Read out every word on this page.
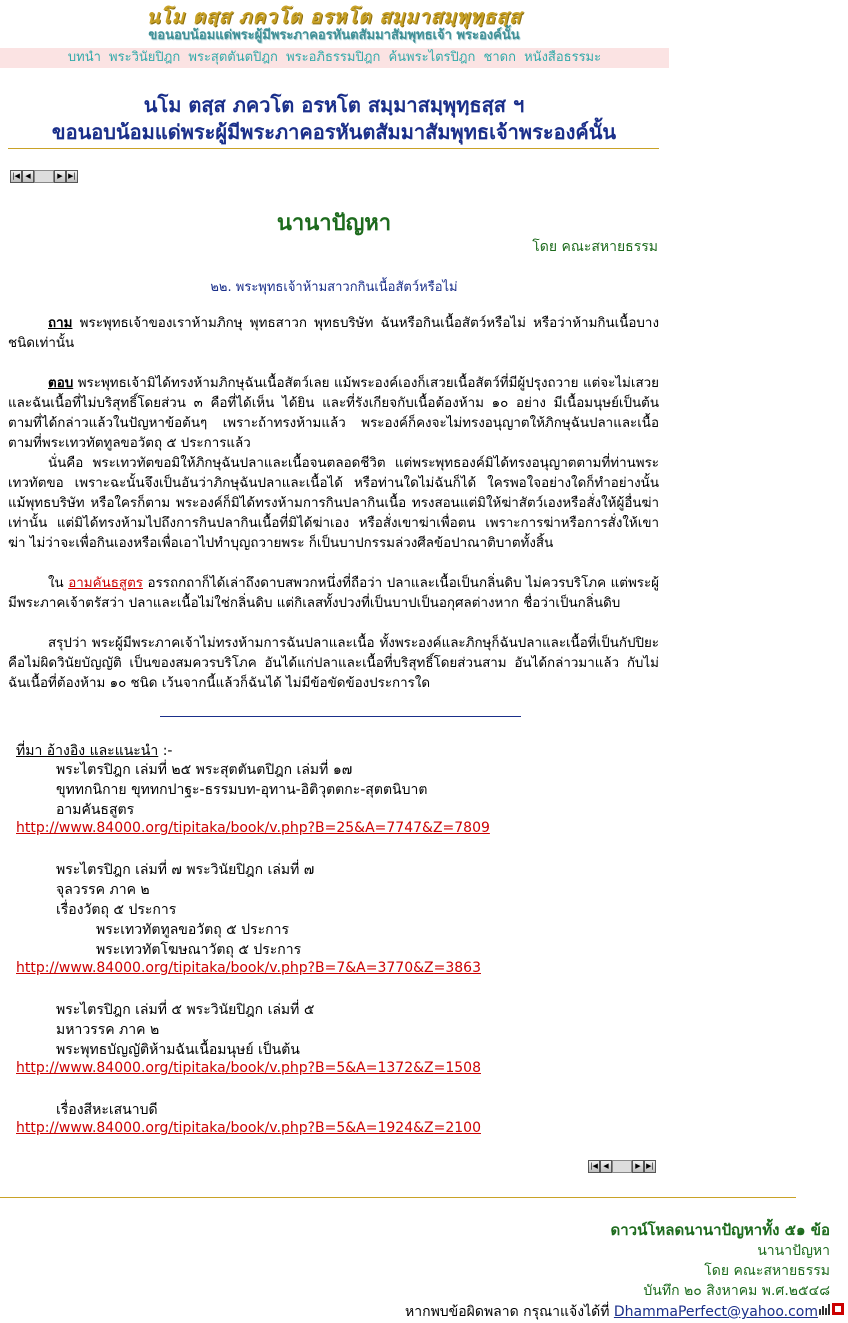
นโม ตสฺส ภควโต อรหโต สมฺมาสมฺพุทฺธสฺส
ขอนอบน้อมแด่พระผู้มีพระภาคอรหันตสัมมาสัมพุทธเจ้า พระองค์นั้น
บทนำ พระวินัยปิฎก พระสุตตันตปิฎก พระอภิธรรมปิฎก ค้นพระไตรปิฎก ชาดก หนังสือธรรมะ
นโม ตสฺส ภควโต อรหโต สมฺมาสมฺพุทฺธสฺส ฯ
ขอนอบน้อมแด่พระผู้มีพระภาคอรหันตสัมมาสัมพุทธเจ้าพระองค์นั้น
|◀ ◀	▶ ▶|
นานาปัญหา
โดย คณะสหายธรรม
๒๒. พระพุทธเจ้าห้ามสาวกกินเนื้อสัตว์หรือไม่
ถาม พระพุทธเจ้าของเราห้ามภิกษุ พุทธสาวก พุทธบริษัท ฉันหรือกินเนื้อสัตว์หรือไม่ หรือว่าห้ามกินเนื้อบางชนิดเท่านั้น
ตอบ พระพุทธเจ้ามิได้ทรงห้ามภิกษุฉันเนื้อสัตว์เลย แม้พระองค์เองก็เสวยเนื้อสัตว์ที่มีผู้ปรุงถวาย แต่จะไม่เสวยและฉันเนื้อที่ไม่บริสุทธิ์โดยส่วน ๓ คือที่ได้เห็น ได้ยิน และที่รังเกียจกับเนื้อต้องห้าม ๑๐ อย่าง มีเนื้อมนุษย์เป็นต้น ตามที่ได้กล่าวแล้วในปัญหาข้อต้นๆ เพราะถ้าทรงห้ามแล้ว พระองค์ก็คงจะไม่ทรงอนุญาตให้ภิกษุฉันปลาและเนื้อตามที่พระเทวทัตทูลขอวัตถุ ๕ ประการแล้ว
นั่นคือ พระเทวทัตขอมิให้ภิกษุฉันปลาและเนื้อจนตลอดชีวิต แต่พระพุทธองค์มิได้ทรงอนุญาตตามที่ท่านพระเทวทัตขอ เพราะฉะนั้นจึงเป็นอันว่าภิกษุฉันปลาและเนื้อได้ หรือท่านใดไม่ฉันก็ได้ ใครพอใจอย่างใดก็ทำอย่างนั้น แม้พุทธบริษัท หรือใครก็ตาม พระองค์ก็มิได้ทรงห้ามการกินปลากินเนื้อ ทรงสอนแต่มิให้ฆ่าสัตว์เองหรือสั่งให้ผู้อื่นฆ่าเท่านั้น แต่มิได้ทรงห้ามไปถึงการกินปลากินเนื้อที่มิได้ฆ่าเอง หรือสั่งเขาฆ่าเพื่อตน เพราะการฆ่าหรือการสั่งให้เขาฆ่า ไม่ว่าจะเพื่อกินเองหรือเพื่อเอาไปทำบุญถวายพระ ก็เป็นบาปกรรมล่วงศีลข้อปาณาติบาตทั้งสิ้น
ใน อามคันธสูตร อรรถกถาก็ได้เล่าถึงดาบสพวกหนึ่งที่ถือว่า ปลาและเนื้อเป็นกลิ่นดิบ ไม่ควรบริโภค แต่พระผู้มีพระภาคเจ้าตรัสว่า ปลาและเนื้อไม่ใช่กลิ่นดิบ แต่กิเลสทั้งปวงที่เป็นบาปเป็นอกุศลต่างหาก ชื่อว่าเป็นกลิ่นดิบ
สรุปว่า พระผู้มีพระภาคเจ้าไม่ทรงห้ามการฉันปลาและเนื้อ ทั้งพระองค์และภิกษุก็ฉันปลาและเนื้อที่เป็นกัปปิยะ คือไม่ผิดวินัยบัญญัติ เป็นของสมควรบริโภค อันได้แก่ปลาและเนื้อที่บริสุทธิ์โดยส่วนสาม อันได้กล่าวมาแล้ว กับไม่ฉันเนื้อที่ต้องห้าม ๑๐ ชนิด เว้นจากนี้แล้วก็ฉันได้ ไม่มีข้อขัดข้องประการใด
ที่มา อ้างอิง และแนะนำ :-
พระไตรปิฎก เล่มที่ ๒๕ พระสุตตันตปิฎก เล่มที่ ๑๗
ขุททกนิกาย ขุททกปาฐะ-ธรรมบท-อุทาน-อิติวุตตกะ-สุตตนิบาต
อามคันธสูตร
http://www.84000.org/tipitaka/book/v.php?B=25&A=7747&Z=7809
พระไตรปิฎก เล่มที่ ๗ พระวินัยปิฎก เล่มที่ ๗
จุลวรรค ภาค ๒
เรื่องวัตถุ ๕ ประการ
พระเทวทัตทูลขอวัตถุ ๕ ประการ
พระเทวทัตโฆษณาวัตถุ ๕ ประการ
http://www.84000.org/tipitaka/book/v.php?B=7&A=3770&Z=3863
พระไตรปิฎก เล่มที่ ๕ พระวินัยปิฎก เล่มที่ ๕
มหาวรรค ภาค ๒
พระพุทธบัญญัติห้ามฉันเนื้อมนุษย์ เป็นต้น
http://www.84000.org/tipitaka/book/v.php?B=5&A=1372&Z=1508
เรื่องสีหะเสนาบดี
http://www.84000.org/tipitaka/book/v.php?B=5&A=1924&Z=2100
|◀ ◀	▶ ▶|
ดาวน์โหลดนานาปัญหาทั้ง ๕๑ ข้อ
นานาปัญหา
โดย คณะสหายธรรม
บันทึก ๒๐ สิงหาคม พ.ศ.๒๕๔๘
หากพบข้อผิดพลาด กรุณาแจ้งได้ที่ DhammaPerfect@yahoo.com
